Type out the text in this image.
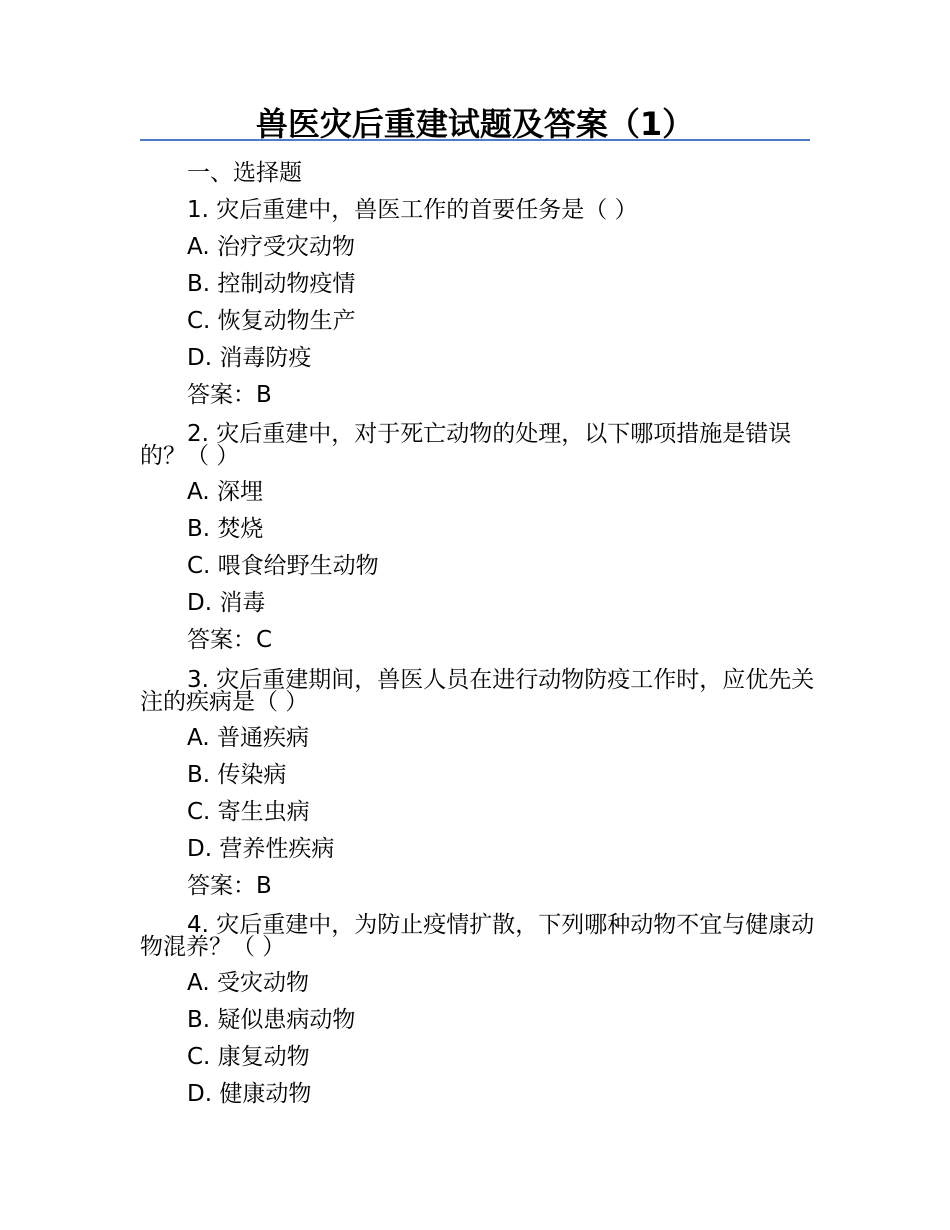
兽医灾后重建试题及答案（1）
一、选择题
1. 灾后重建中，兽医工作的首要任务是（ ）
A. 治疗受灾动物
B. 控制动物疫情
C. 恢复动物生产
D. 消毒防疫
答案：B
2. 灾后重建中，对于死亡动物的处理，以下哪项措施是错误的？（ ）
A. 深埋
B. 焚烧
C. 喂食给野生动物
D. 消毒
答案：C
3. 灾后重建期间，兽医人员在进行动物防疫工作时，应优先关注的疾病是（ ）
A. 普通疾病
B. 传染病
C. 寄生虫病
D. 营养性疾病
答案：B
4. 灾后重建中，为防止疫情扩散，下列哪种动物不宜与健康动物混养？（ ）
A. 受灾动物
B. 疑似患病动物
C. 康复动物
D. 健康动物
